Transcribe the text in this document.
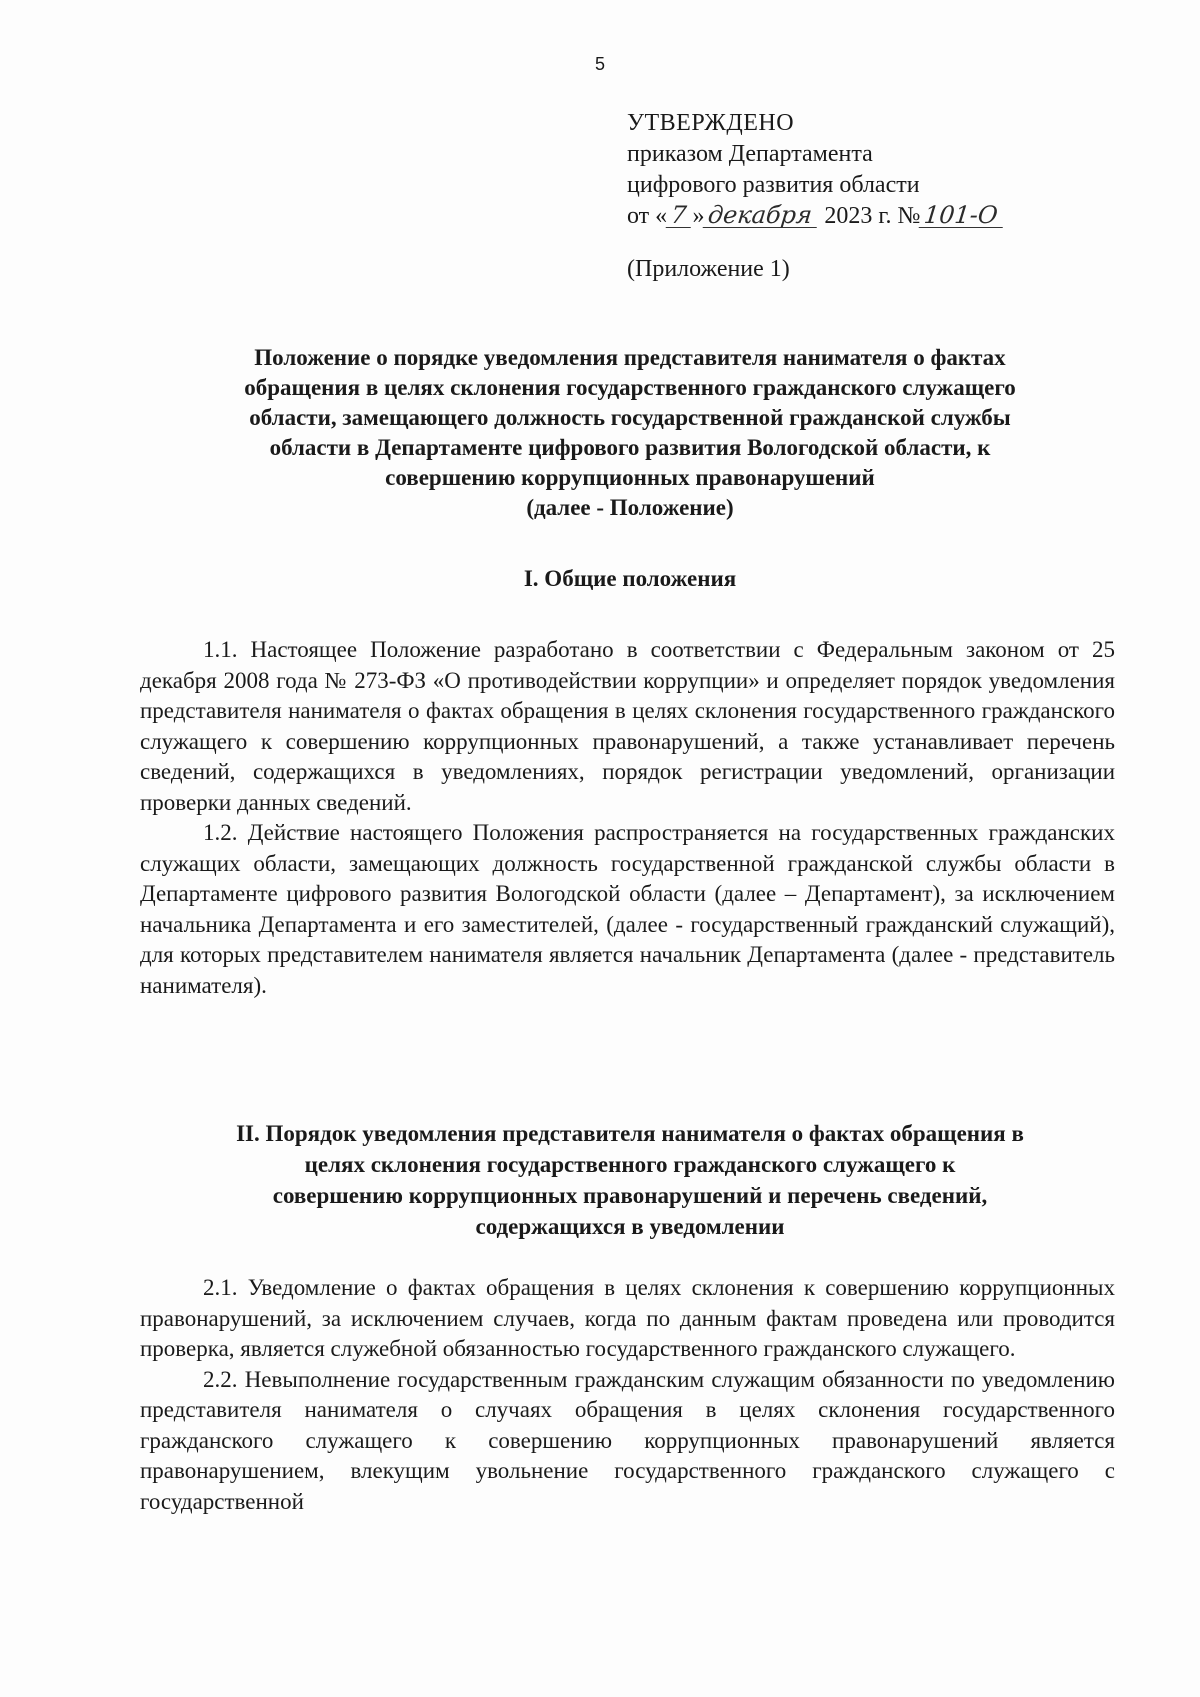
5
УТВЕРЖДЕНО
приказом Департамента
цифрового развития области
от « 7 » декабря 2023 г. № 101-О
(Приложение 1)
Положение о порядке уведомления представителя нанимателя о фактах
обращения в целях склонения государственного гражданского служащего
области, замещающего должность государственной гражданской службы
области в Департаменте цифрового развития Вологодской области, к
совершению коррупционных правонарушений
(далее - Положение)
I. Общие положения

1.1. Настоящее Положение разработано в соответствии с Федеральным законом от 25 декабря 2008 года № 273-ФЗ «О противодействии коррупции» и определяет порядок уведомления представителя нанимателя о фактах обращения в целях склонения государственного гражданского служащего к совершению коррупционных правонарушений, а также устанавливает перечень сведений, содержащихся в уведомлениях, порядок регистрации уведомлений, организации проверки данных сведений.

1.2. Действие настоящего Положения распространяется на государственных гражданских служащих области, замещающих должность государственной гражданской службы области в Департаменте цифрового развития Вологодской области (далее – Департамент), за исключением начальника Департамента и его заместителей, (далее - государственный гражданский служащий), для которых представителем нанимателя является начальник Департамента (далее - представитель нанимателя).

II. Порядок уведомления представителя нанимателя о фактах обращения в
целях склонения государственного гражданского служащего к
совершению коррупционных правонарушений и перечень сведений,
содержащихся в уведомлении

2.1. Уведомление о фактах обращения в целях склонения к совершению коррупционных правонарушений, за исключением случаев, когда по данным фактам проведена или проводится проверка, является служебной обязанностью государственного гражданского служащего.

2.2. Невыполнение государственным гражданским служащим обязанности по уведомлению представителя нанимателя о случаях обращения в целях склонения государственного гражданского служащего к совершению коррупционных правонарушений является правонарушением, влекущим увольнение государственного гражданского служащего с государственной
